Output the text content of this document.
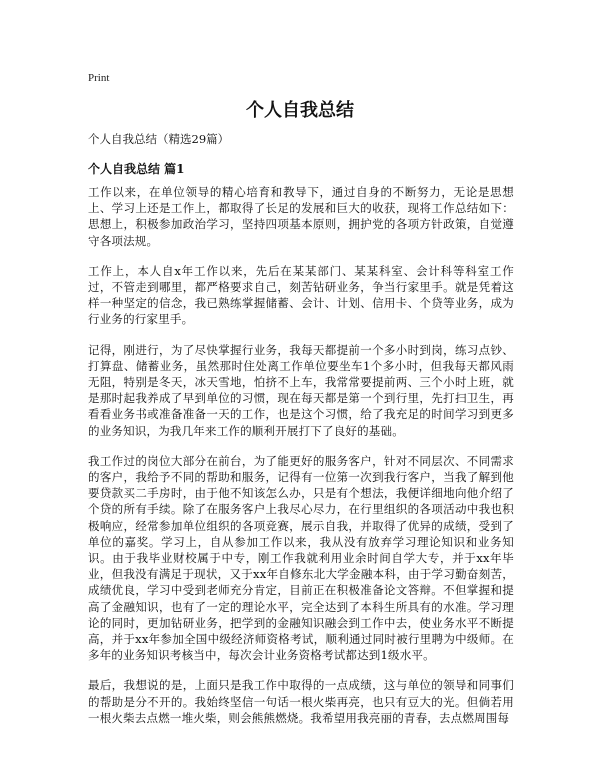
Print
个人自我总结

个人自我总结（精选29篇）

个人自我总结 篇1

工作以来，在单位领导的精心培育和教导下，通过自身的不断努力，无论是思想上、学习上还是工作上，都取得了长足的发展和巨大的收获，现将工作总结如下：思想上，积极参加政治学习，坚持四项基本原则，拥护党的各项方针政策，自觉遵守各项法规。

工作上，本人自x年工作以来，先后在某某部门、某某科室、会计科等科室工作过，不管走到哪里，都严格要求自己，刻苦钻研业务，争当行家里手。就是凭着这样一种坚定的信念，我已熟练掌握储蓄、会计、计划、信用卡、个贷等业务，成为行业务的行家里手。

记得，刚进行，为了尽快掌握行业务，我每天都提前一个多小时到岗，练习点钞、打算盘、储蓄业务，虽然那时住处离工作单位要坐车1个多小时，但我每天都风雨无阻，特别是冬天，冰天雪地，怕挤不上车，我常常要提前两、三个小时上班，就是那时起我养成了早到单位的习惯，现在每天都是第一个到行里，先打扫卫生，再看看业务书或准备准备一天的工作，也是这个习惯，给了我充足的时间学习到更多的业务知识，为我几年来工作的顺利开展打下了良好的基础。

我工作过的岗位大部分在前台，为了能更好的服务客户，针对不同层次、不同需求的客户，我给予不同的帮助和服务，记得有一位第一次到我行客户，当我了解到他要贷款买二手房时，由于他不知该怎么办，只是有个想法，我便详细地向他介绍了个贷的所有手续。除了在服务客户上我尽心尽力，在行里组织的各项活动中我也积极响应，经常参加单位组织的各项竞赛，展示自我，并取得了优异的成绩，受到了单位的嘉奖。学习上，自从参加工作以来，我从没有放弃学习理论知识和业务知识。由于我毕业财校属于中专，刚工作我就利用业余时间自学大专，并于xx年毕业，但我没有满足于现状，又于xx年自修东北大学金融本科，由于学习勤奋刻苦，成绩优良，学习中受到老师充分肯定，目前正在积极准备论文答辩。不但掌握和提高了金融知识，也有了一定的理论水平，完全达到了本科生所具有的水准。学习理论的同时，更加钻研业务，把学到的金融知识融会到工作中去，使业务水平不断提高，并于xx年参加全国中级经济师资格考试，顺利通过同时被行里聘为中级师。在多年的业务知识考核当中，每次会计业务资格考试都达到1级水平。

最后，我想说的是，上面只是我工作中取得的一点成绩，这与单位的领导和同事们的帮助是分不开的。我始终坚信一句话一根火柴再亮，也只有豆大的光。但倘若用一根火柴去点燃一堆火柴，则会熊熊燃烧。我希望用我亮丽的青春，去点燃周围每
